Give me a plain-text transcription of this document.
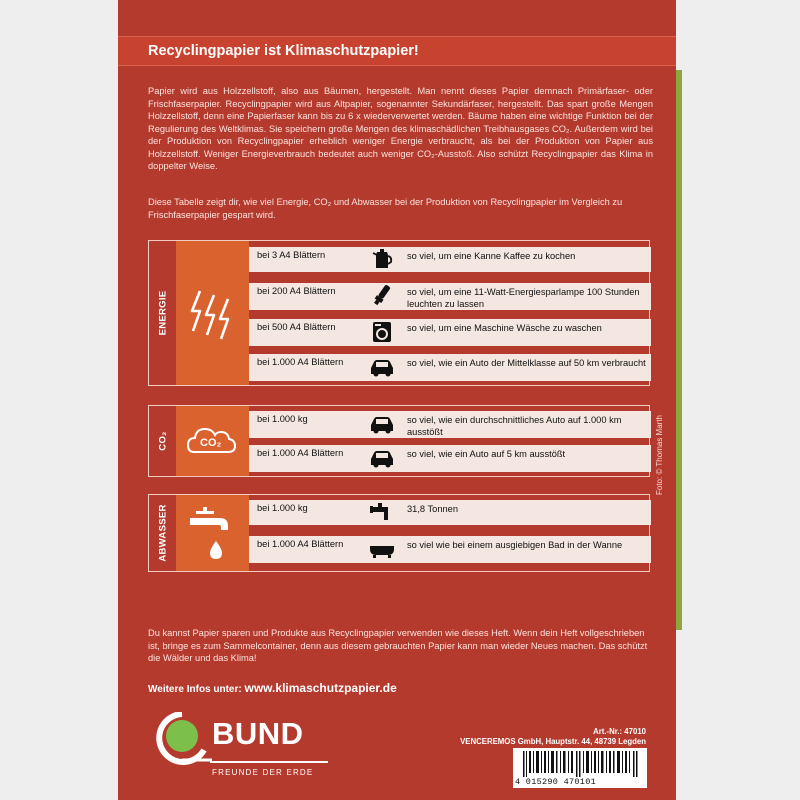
Recyclingpapier ist Klimaschutzpapier!

Papier wird aus Holzzellstoff, also aus Bäumen, hergestellt. Man nennt dieses Papier demnach Primärfaser- oder Frischfaserpapier. Recyclingpapier wird aus Altpapier, sogenannter Sekundärfaser, hergestellt. Das spart große Mengen Holzzellstoff, denn eine Papierfaser kann bis zu 6 x wiederverwertet werden. Bäume haben eine wichtige Funktion bei der Regulierung des Weltklimas. Sie speichern große Mengen des klimaschädlichen Treibhausgases CO₂. Außerdem wird bei der Produktion von Recyclingpapier erheblich weniger Energie verbraucht, als bei der Produktion von Papier aus Holzzellstoff. Weniger Energieverbrauch bedeutet auch weniger CO₂-Ausstoß. Also schützt Recyclingpapier das Klima in doppelter Weise.

Diese Tabelle zeigt dir, wie viel Energie, CO₂ und Abwasser bei der Produktion von Recyclingpapier im Vergleich zu Frischfaserpapier gespart wird.

ENERGIE
bei 3 A4 Blättern	so viel, um eine Kanne Kaffee zu kochen
bei 200 A4 Blättern	so viel, um eine 11-Watt-Energiesparlampe 100 Stunden leuchten zu lassen
bei 500 A4 Blättern	so viel, um eine Maschine Wäsche zu waschen
bei 1.000 A4 Blättern	so viel, wie ein Auto der Mittelklasse auf 50 km verbraucht
CO₂	CO₂
bei 1.000 kg	so viel, wie ein durchschnittliches Auto auf 1.000 km ausstößt
bei 1.000 A4 Blättern	so viel, wie ein Auto auf 5 km ausstößt
ABWASSER	bei 1.000 kg	31,8 Tonnen
bei 1.000 A4 Blättern	so viel wie bei einem ausgiebigen Bad in der Wanne

Du kannst Papier sparen und Produkte aus Recyclingpapier verwenden wie dieses Heft. Wenn dein Heft vollgeschrieben ist, bringe es zum Sammelcontainer, denn aus diesem gebrauchten Papier kann man wieder Neues machen. Das schützt die Wälder und das Klima!

Weitere Infos unter: www.klimaschutzpapier.de
BUND
FREUNDE DER ERDE
Art.-Nr.: 47010
VENCEREMOS GmbH, Hauptstr. 44, 48739 Legden
4 015290 470101
Foto: © Thomas Marth
